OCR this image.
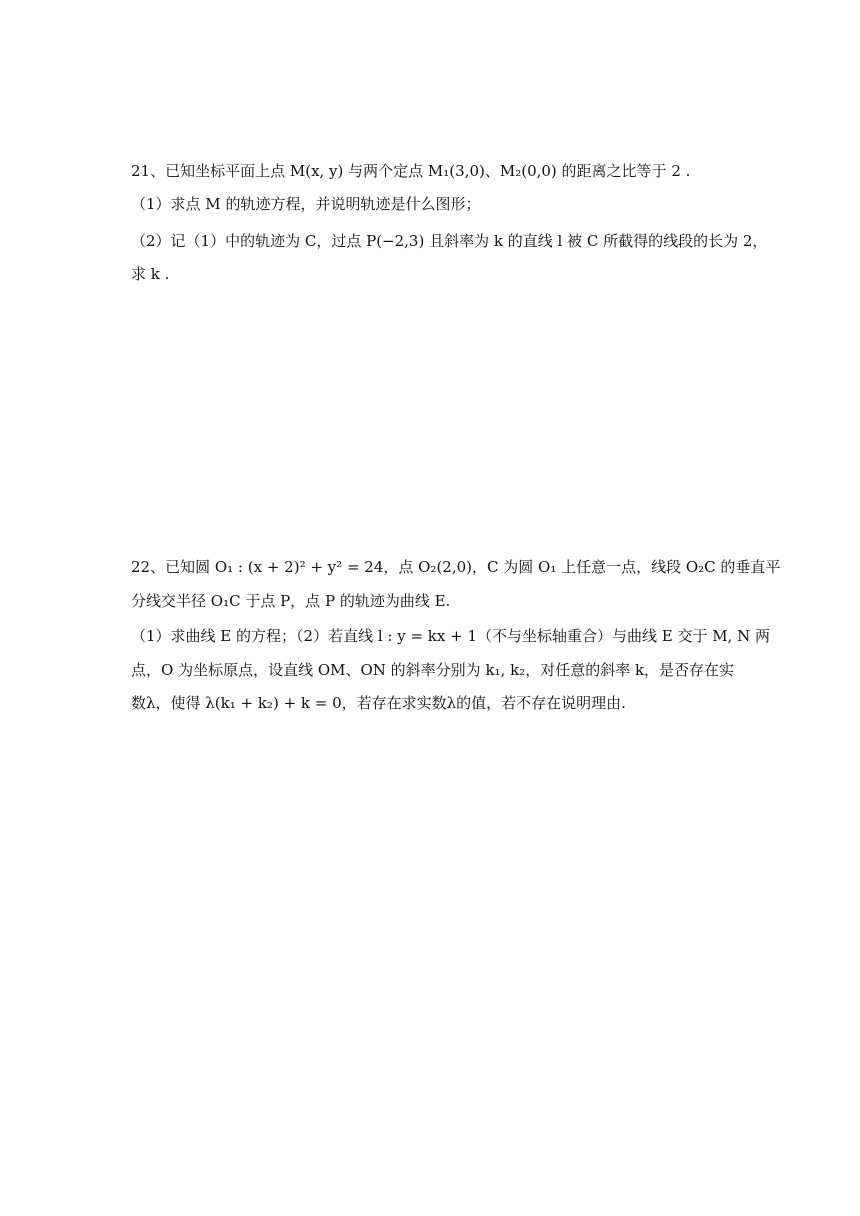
21、已知坐标平面上点 M(x, y) 与两个定点 M₁(3,0)、M₂(0,0) 的距离之比等于 2 .
（1）求点 M 的轨迹方程，并说明轨迹是什么图形；
（2）记（1）中的轨迹为 C，过点 P(−2,3) 且斜率为 k 的直线 l 被 C 所截得的线段的长为 2，
求 k .
22、已知圆 O₁ : (x + 2)² + y² = 24，点 O₂(2,0)，C 为圆 O₁ 上任意一点，线段 O₂C 的垂直平
分线交半径 O₁C 于点 P，点 P 的轨迹为曲线 E.
（1）求曲线 E 的方程；（2）若直线 l : y = kx + 1（不与坐标轴重合）与曲线 E 交于 M, N 两
点，O 为坐标原点，设直线 OM、ON 的斜率分别为 k₁, k₂，对任意的斜率 k，是否存在实
数λ，使得 λ(k₁ + k₂) + k = 0，若存在求实数λ的值，若不存在说明理由.
